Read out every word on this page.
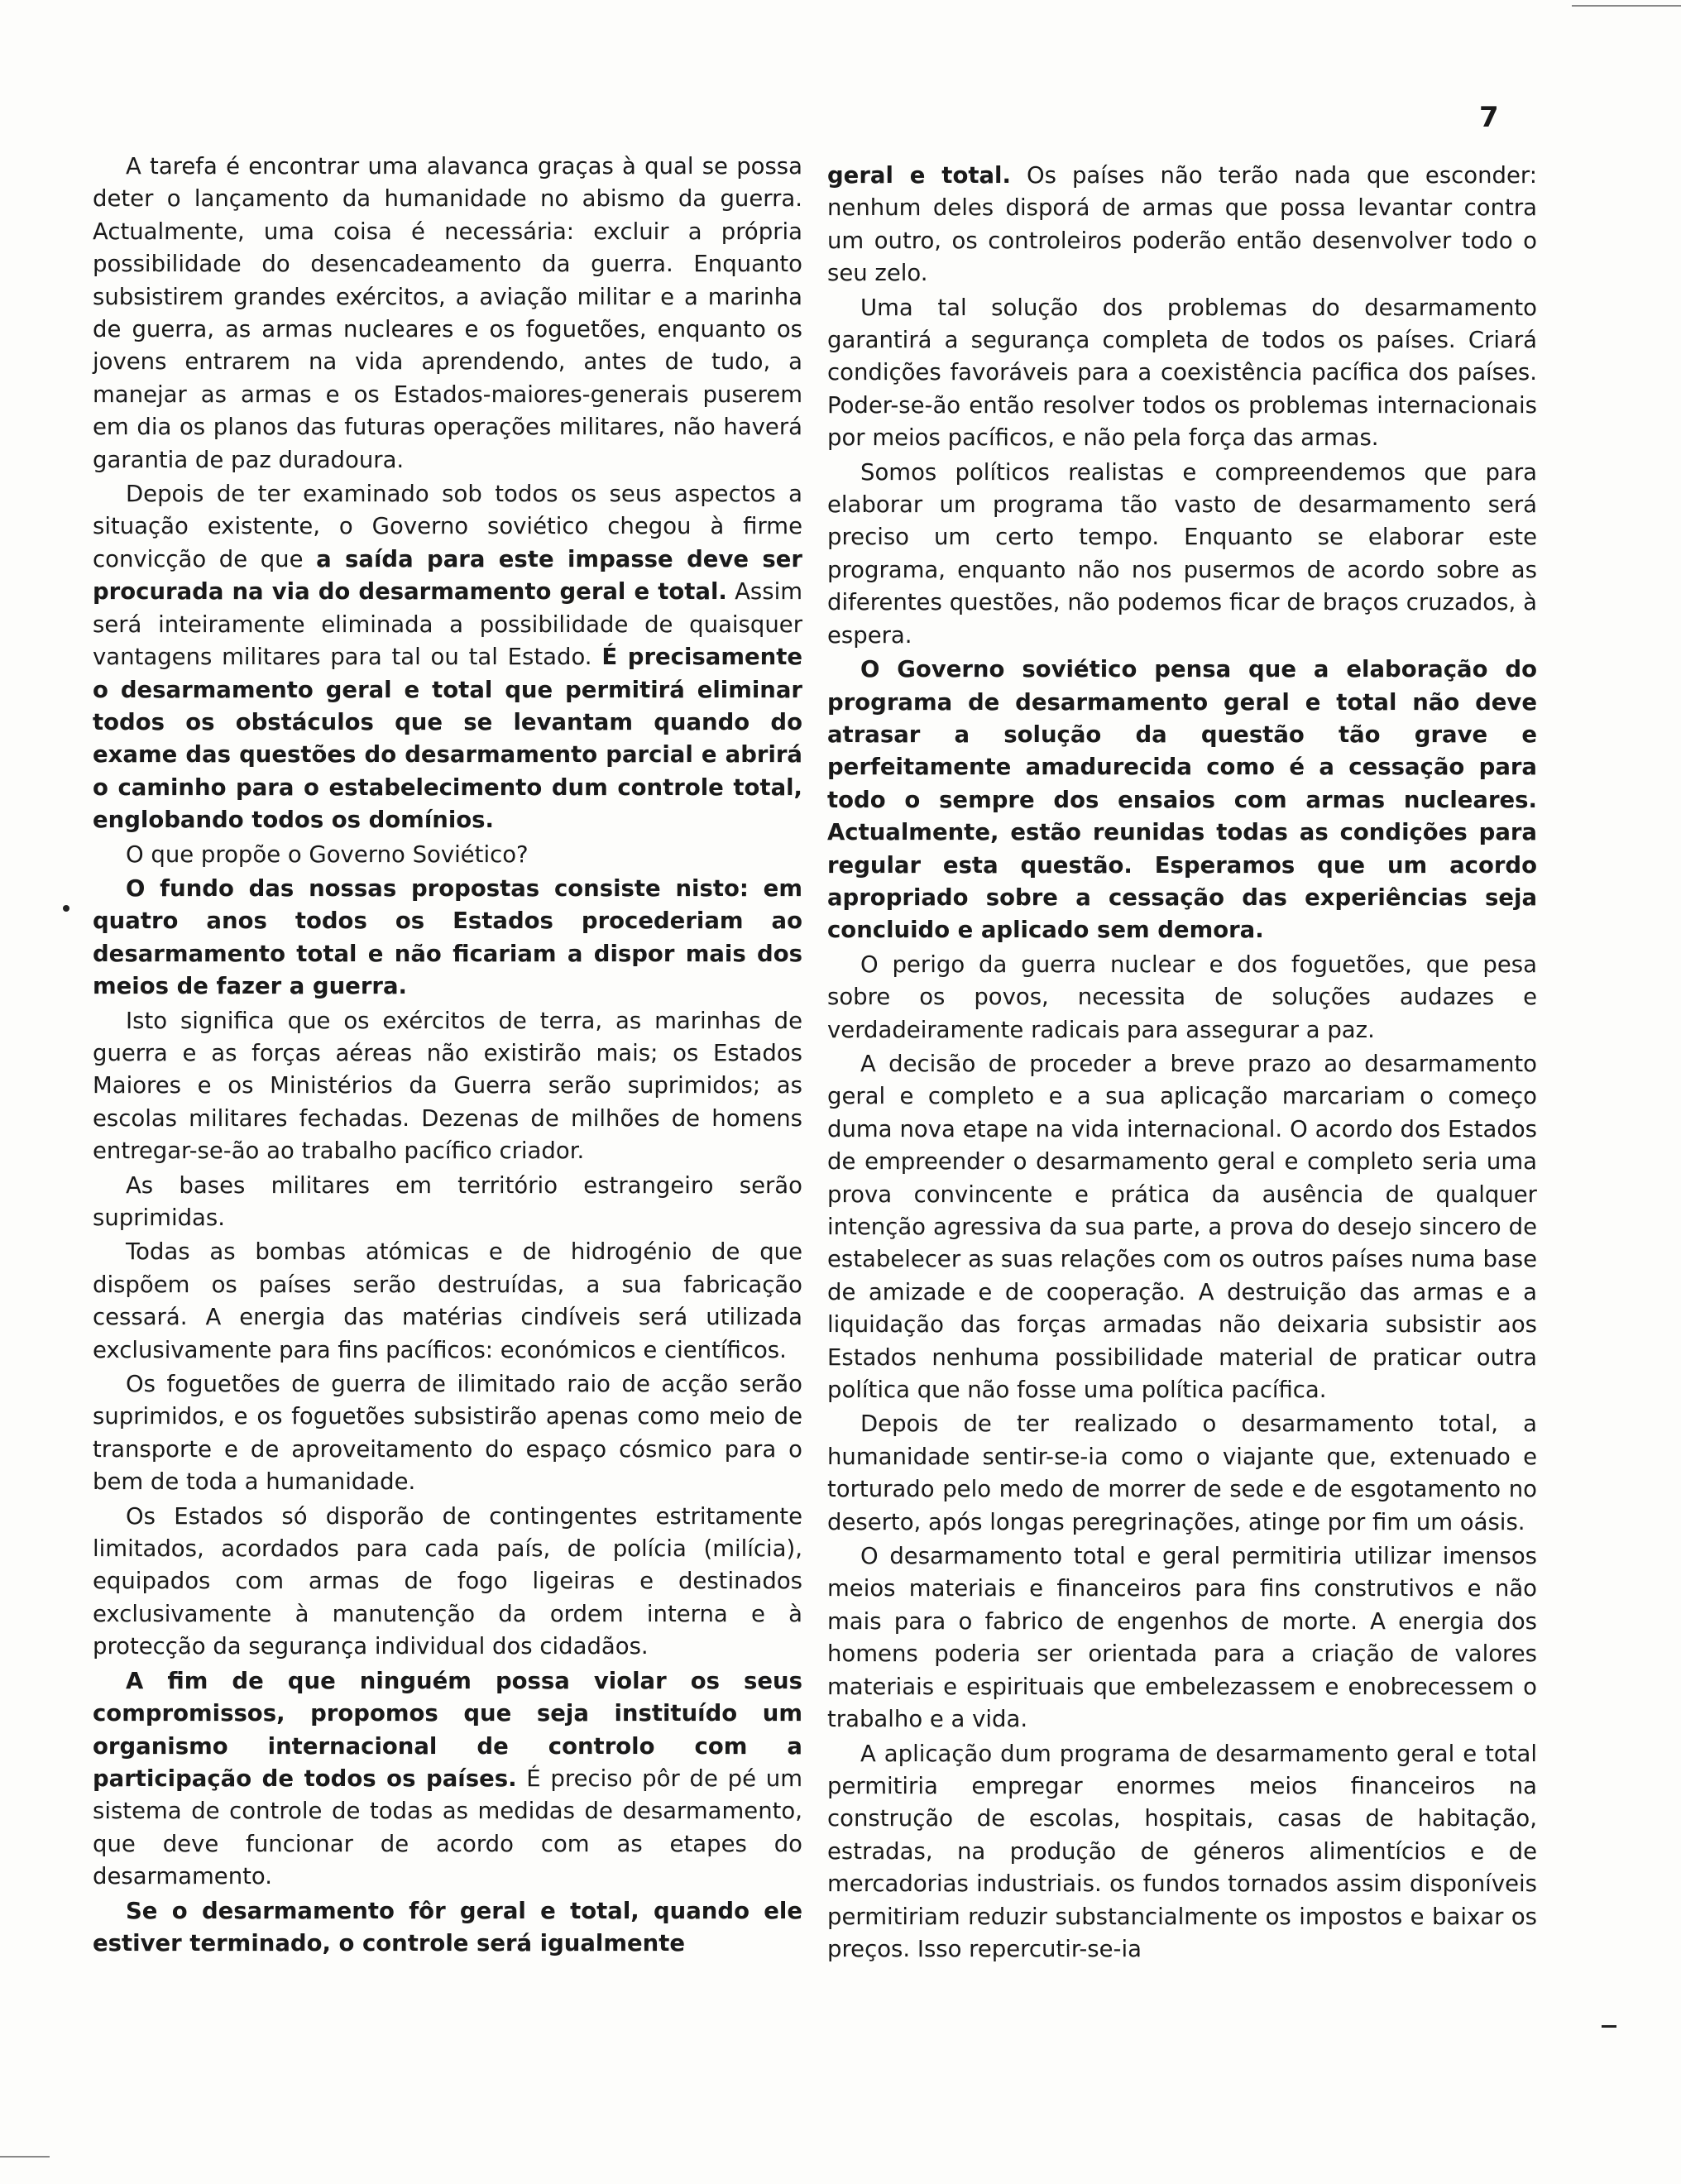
7

A tarefa é encontrar uma alavanca graças à qual se possa deter o lançamento da humanidade no abismo da guerra. Actualmente, uma coisa é necessária: excluir a própria possibilidade do desencadeamento da guerra. Enquanto subsistirem grandes exércitos, a aviação militar e a marinha de guerra, as armas nucleares e os foguetões, enquanto os jovens entrarem na vida aprendendo, antes de tudo, a manejar as armas e os Estados-maiores-generais puserem em dia os planos das futuras operações militares, não haverá garantia de paz duradoura.

Depois de ter examinado sob todos os seus aspectos a situação existente, o Governo soviético chegou à firme convicção de que a saída para este impasse deve ser procurada na via do desarmamento geral e total. Assim será inteiramente eliminada a possibilidade de quaisquer vantagens militares para tal ou tal Estado. É precisamente o desarmamento geral e total que permitirá eliminar todos os obstáculos que se levantam quando do exame das questões do desarmamento parcial e abrirá o caminho para o estabelecimento dum controle total, englobando todos os domínios.

O que propõe o Governo Soviético?

O fundo das nossas propostas consiste nisto: em quatro anos todos os Estados procederiam ao desarmamento total e não ficariam a dispor mais dos meios de fazer a guerra.

Isto significa que os exércitos de terra, as marinhas de guerra e as forças aéreas não existirão mais; os Estados Maiores e os Ministérios da Guerra serão suprimidos; as escolas militares fechadas. Dezenas de milhões de homens entregar-se-ão ao trabalho pacífico criador.

As bases militares em território estrangeiro serão suprimidas.

Todas as bombas atómicas e de hidrogénio de que dispõem os países serão destruídas, a sua fabricação cessará. A energia das matérias cindíveis será utilizada exclusivamente para fins pacíficos: económicos e científicos.

Os foguetões de guerra de ilimitado raio de acção serão suprimidos, e os foguetões subsistirão apenas como meio de transporte e de aproveitamento do espaço cósmico para o bem de toda a humanidade.

Os Estados só disporão de contingentes estritamente limitados, acordados para cada país, de polícia (milícia), equipados com armas de fogo ligeiras e destinados exclusivamente à manutenção da ordem interna e à protecção da segurança individual dos cidadãos.

A fim de que ninguém possa violar os seus compromissos, propomos que seja instituído um organismo internacional de controlo com a participação de todos os países. É preciso pôr de pé um sistema de controle de todas as medidas de desarmamento, que deve funcionar de acordo com as etapes do desarmamento.

Se o desarmamento fôr geral e total, quando ele estiver terminado, o controle será igualmente

geral e total. Os países não terão nada que esconder: nenhum deles disporá de armas que possa levantar contra um outro, os controleiros poderão então desenvolver todo o seu zelo.

Uma tal solução dos problemas do desarmamento garantirá a segurança completa de todos os países. Criará condições favoráveis para a coexistência pacífica dos países. Poder-se-ão então resolver todos os problemas internacionais por meios pacíficos, e não pela força das armas.

Somos políticos realistas e compreendemos que para elaborar um programa tão vasto de desarmamento será preciso um certo tempo. Enquanto se elaborar este programa, enquanto não nos pusermos de acordo sobre as diferentes questões, não podemos ficar de braços cruzados, à espera.

O Governo soviético pensa que a elaboração do programa de desarmamento geral e total não deve atrasar a solução da questão tão grave e perfeitamente amadurecida como é a cessação para todo o sempre dos ensaios com armas nucleares. Actualmente, estão reunidas todas as condições para regular esta questão. Esperamos que um acordo apropriado sobre a cessação das experiências seja concluido e aplicado sem demora.

O perigo da guerra nuclear e dos foguetões, que pesa sobre os povos, necessita de soluções audazes e verdadeiramente radicais para assegurar a paz.

A decisão de proceder a breve prazo ao desarmamento geral e completo e a sua aplicação marcariam o começo duma nova etape na vida internacional. O acordo dos Estados de empreender o desarmamento geral e completo seria uma prova convincente e prática da ausência de qualquer intenção agressiva da sua parte, a prova do desejo sincero de estabelecer as suas relações com os outros países numa base de amizade e de cooperação. A destruição das armas e a liquidação das forças armadas não deixaria subsistir aos Estados nenhuma possibilidade material de praticar outra política que não fosse uma política pacífica.

Depois de ter realizado o desarmamento total, a humanidade sentir-se-ia como o viajante que, extenuado e torturado pelo medo de morrer de sede e de esgotamento no deserto, após longas peregrinações, atinge por fim um oásis.

O desarmamento total e geral permitiria utilizar imensos meios materiais e financeiros para fins construtivos e não mais para o fabrico de engenhos de morte. A energia dos homens poderia ser orientada para a criação de valores materiais e espirituais que embelezassem e enobrecessem o trabalho e a vida.

A aplicação dum programa de desarmamento geral e total permitiria empregar enormes meios financeiros na construção de escolas, hospitais, casas de habitação, estradas, na produção de géneros alimentícios e de mercadorias industriais. os fundos tornados assim disponíveis permitiriam reduzir substancialmente os impostos e baixar os preços. Isso repercutir-se-ia
